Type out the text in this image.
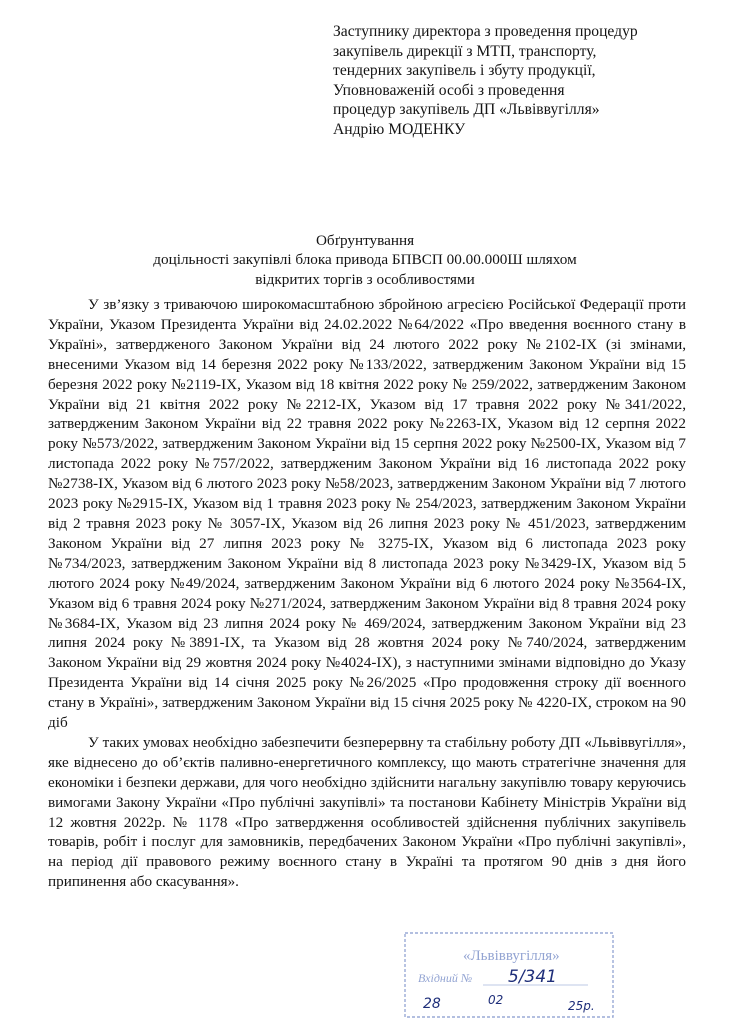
Заступнику директора з проведення процедур
закупівель дирекції з МТП, транспорту,
тендерних закупівель і збуту продукції,
Уповноваженій особі з проведення
процедур закупівель ДП «Львіввугілля»
Андрію МОДЕНКУ
Обґрунтування
доцільності закупівлі блока привода БПВСП 00.00.000Ш шляхом
відкритих торгів з особливостями

У зв’язку з триваючою широкомасштабною збройною агресією Російської Федерації проти України, Указом Президента України від 24.02.2022 №64/2022 «Про введення воєнного стану в Україні», затвердженого Законом України від 24 лютого 2022 року №2102-ІХ (зі змінами, внесеними Указом від 14 березня 2022 року №133/2022, затвердженим Законом України від 15 березня 2022 року №2119-ІХ, Указом від 18 квітня 2022 року № 259/2022, затвердженим Законом України від 21 квітня 2022 року №2212-ІХ, Указом від 17 травня 2022 року №341/2022, затвердженим Законом України від 22 травня 2022 року №2263-ІХ, Указом від 12 серпня 2022 року №573/2022, затвердженим Законом України від 15 серпня 2022 року №2500-ІХ, Указом від 7 листопада 2022 року №757/2022, затвердженим Законом України від 16 листопада 2022 року №2738-ІХ, Указом від 6 лютого 2023 року №58/2023, затвердженим Законом України від 7 лютого 2023 року №2915-ІХ, Указом від 1 травня 2023 року № 254/2023, затвердженим Законом України від 2 травня 2023 року № 3057-ІХ, Указом від 26 липня 2023 року № 451/2023, затвердженим Законом України від 27 липня 2023 року № 3275-ІХ, Указом від 6 листопада 2023 року №734/2023, затвердженим Законом України від 8 листопада 2023 року №3429-ІХ, Указом від 5 лютого 2024 року №49/2024, затвердженим Законом України від 6 лютого 2024 року №3564-ІХ, Указом від 6 травня 2024 року №271/2024, затвердженим Законом України від 8 травня 2024 року №3684-ІХ, Указом від 23 липня 2024 року № 469/2024, затвердженим Законом України від 23 липня 2024 року №3891-ІХ, та Указом від 28 жовтня 2024 року №740/2024, затвердженим Законом України від 29 жовтня 2024 року №4024-ІХ), з наступними змінами відповідно до Указу Президента України від 14 січня 2025 року №26/2025 «Про продовження строку дії воєнного стану в Україні», затвердженим Законом України від 15 січня 2025 року № 4220-ІХ, строком на 90 діб

У таких умовах необхідно забезпечити безперервну та стабільну роботу ДП «Львіввугілля», яке віднесено до об’єктів паливно-енергетичного комплексу, що мають стратегічне значення для економіки і безпеки держави, для чого необхідно здійснити нагальну закупівлю товару керуючись вимогами Закону України «Про публічні закупівлі» та постанови Кабінету Міністрів України від 12 жовтня 2022р. № 1178 «Про затвердження особливостей здійснення публічних закупівель товарів, робіт і послуг для замовників, передбачених Законом України «Про публічні закупівлі», на період дії правового режиму воєнного стану в Україні та протягом 90 днів з дня його припинення або скасування».

«Львіввугілля»
Вхідний № 5/341
28	02	25р.
